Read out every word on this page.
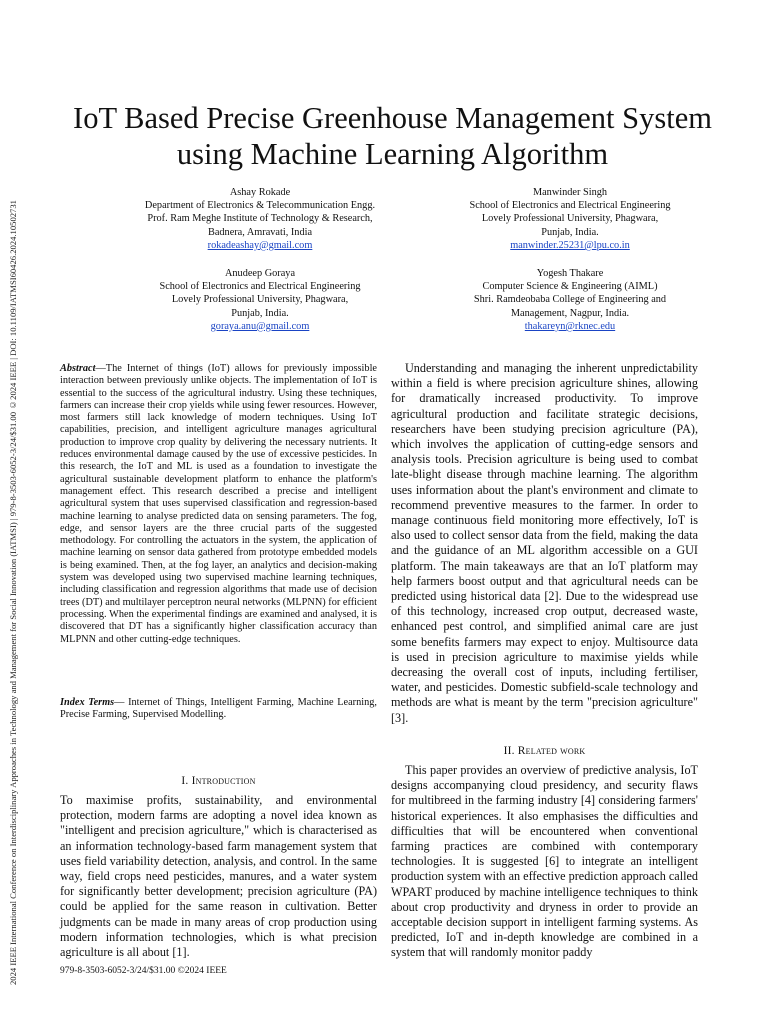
2024 IEEE International Conference on Interdisciplinary Approaches in Technology and Management for Social Innovation (IATMSI) | 979-8-3503-6052-3/24/$31.00 ©2024 IEEE | DOI: 10.1109/IATMSI60426.2024.10502731
IoT Based Precise Greenhouse Management System
using Machine Learning Algorithm
Ashay Rokade
Department of Electronics & Telecommunication Engg.
Prof. Ram Meghe Institute of Technology & Research,
Badnera, Amravati, India
rokadeashay@gmail.com
Manwinder Singh
School of Electronics and Electrical Engineering
Lovely Professional University, Phagwara,
Punjab, India.
manwinder.25231@lpu.co.in
Anudeep Goraya
School of Electronics and Electrical Engineering
Lovely Professional University, Phagwara,
Punjab, India.
goraya.anu@gmail.com
Yogesh Thakare
Computer Science & Engineering (AIML)
Shri. Ramdeobaba College of Engineering and
Management, Nagpur, India.
thakareyn@rknec.edu

Abstract—The Internet of things (IoT) allows for previously impossible interaction between previously unlike objects. The implementation of IoT is essential to the success of the agricultural industry. Using these techniques, farmers can increase their crop yields while using fewer resources. However, most farmers still lack knowledge of modern techniques. Using IoT capabilities, precision, and intelligent agriculture manages agricultural production to improve crop quality by delivering the necessary nutrients. It reduces environmental damage caused by the use of excessive pesticides. In this research, the IoT and ML is used as a foundation to investigate the agricultural sustainable development platform to enhance the platform's management effect. This research described a precise and intelligent agricultural system that uses supervised classification and regression-based machine learning to analyse predicted data on sensing parameters. The fog, edge, and sensor layers are the three crucial parts of the suggested methodology. For controlling the actuators in the system, the application of machine learning on sensor data gathered from prototype embedded models is being examined. Then, at the fog layer, an analytics and decision-making system was developed using two supervised machine learning techniques, including classification and regression algorithms that made use of decision trees (DT) and multilayer perceptron neural networks (MLPNN) for efficient processing. When the experimental findings are examined and analysed, it is discovered that DT has a significantly higher classification accuracy than MLPNN and other cutting-edge techniques.

Index Terms— Internet of Things, Intelligent Farming, Machine Learning, Precise Farming, Supervised Modelling.

I. Introduction

To maximise profits, sustainability, and environmental protection, modern farms are adopting a novel idea known as "intelligent and precision agriculture," which is characterised as an information technology-based farm management system that uses field variability detection, analysis, and control. In the same way, field crops need pesticides, manures, and a water system for significantly better development; precision agriculture (PA) could be applied for the same reason in cultivation. Better judgments can be made in many areas of crop production using modern information technologies, which is what precision agriculture is all about [1].

Understanding and managing the inherent unpredictability within a field is where precision agriculture shines, allowing for dramatically increased productivity. To improve agricultural production and facilitate strategic decisions, researchers have been studying precision agriculture (PA), which involves the application of cutting-edge sensors and analysis tools. Precision agriculture is being used to combat late-blight disease through machine learning. The algorithm uses information about the plant's environment and climate to recommend preventive measures to the farmer. In order to manage continuous field monitoring more effectively, IoT is also used to collect sensor data from the field, making the data and the guidance of an ML algorithm accessible on a GUI platform. The main takeaways are that an IoT platform may help farmers boost output and that agricultural needs can be predicted using historical data [2]. Due to the widespread use of this technology, increased crop output, decreased waste, enhanced pest control, and simplified animal care are just some benefits farmers may expect to enjoy. Multisource data is used in precision agriculture to maximise yields while decreasing the overall cost of inputs, including fertiliser, water, and pesticides. Domestic subfield-scale technology and methods are what is meant by the term "precision agriculture" [3].

II. Related work

This paper provides an overview of predictive analysis, IoT designs accompanying cloud presidency, and security flaws for multibreed in the farming industry [4] considering farmers' historical experiences. It also emphasises the difficulties and difficulties that will be encountered when conventional farming practices are combined with contemporary technologies. It is suggested [6] to integrate an intelligent production system with an effective prediction approach called WPART produced by machine intelligence techniques to think about crop productivity and dryness in order to provide an acceptable decision support in intelligent farming systems. As predicted, IoT and in-depth knowledge are combined in a system that will randomly monitor paddy

979-8-3503-6052-3/24/$31.00 ©2024 IEEE
